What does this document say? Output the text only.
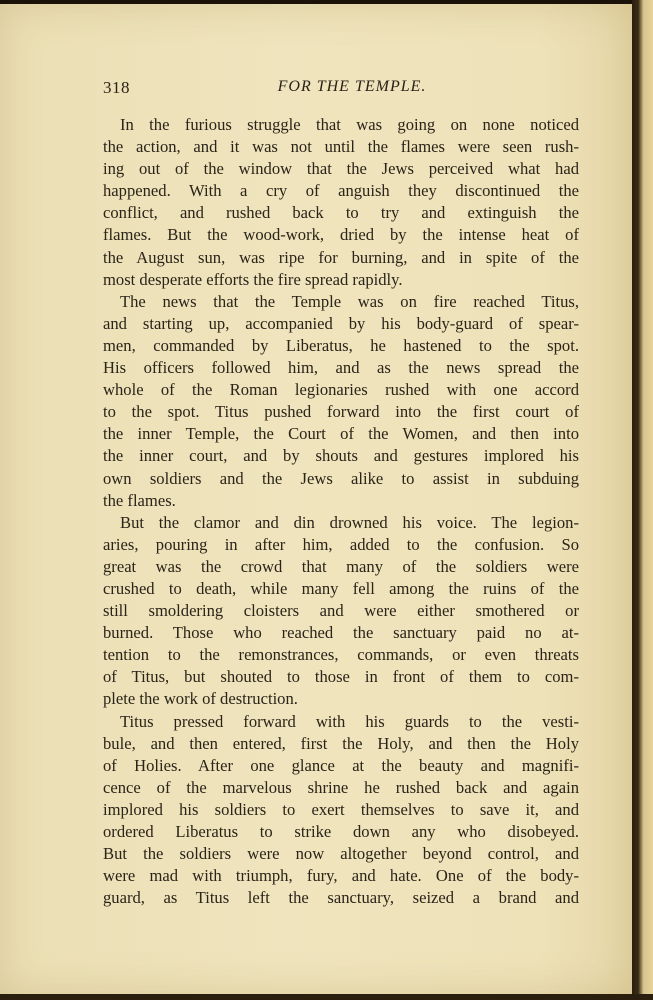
318	FOR THE TEMPLE.
In the furious struggle that was going on none noticed
the action, and it was not until the flames were seen rush-
ing out of the window that the Jews perceived what had
happened. With a cry of anguish they discontinued the
conflict, and rushed back to try and extinguish the
flames. But the wood-work, dried by the intense heat of
the August sun, was ripe for burning, and in spite of the
most desperate efforts the fire spread rapidly.
The news that the Temple was on fire reached Titus,
and starting up, accompanied by his body-guard of spear-
men, commanded by Liberatus, he hastened to the spot.
His officers followed him, and as the news spread the
whole of the Roman legionaries rushed with one accord
to the spot. Titus pushed forward into the first court of
the inner Temple, the Court of the Women, and then into
the inner court, and by shouts and gestures implored his
own soldiers and the Jews alike to assist in subduing
the flames.
But the clamor and din drowned his voice. The legion-
aries, pouring in after him, added to the confusion. So
great was the crowd that many of the soldiers were
crushed to death, while many fell among the ruins of the
still smoldering cloisters and were either smothered or
burned. Those who reached the sanctuary paid no at-
tention to the remonstrances, commands, or even threats
of Titus, but shouted to those in front of them to com-
plete the work of destruction.
Titus pressed forward with his guards to the vesti-
bule, and then entered, first the Holy, and then the Holy
of Holies. After one glance at the beauty and magnifi-
cence of the marvelous shrine he rushed back and again
implored his soldiers to exert themselves to save it, and
ordered Liberatus to strike down any who disobeyed.
But the soldiers were now altogether beyond control, and
were mad with triumph, fury, and hate. One of the body-
guard, as Titus left the sanctuary, seized a brand and
